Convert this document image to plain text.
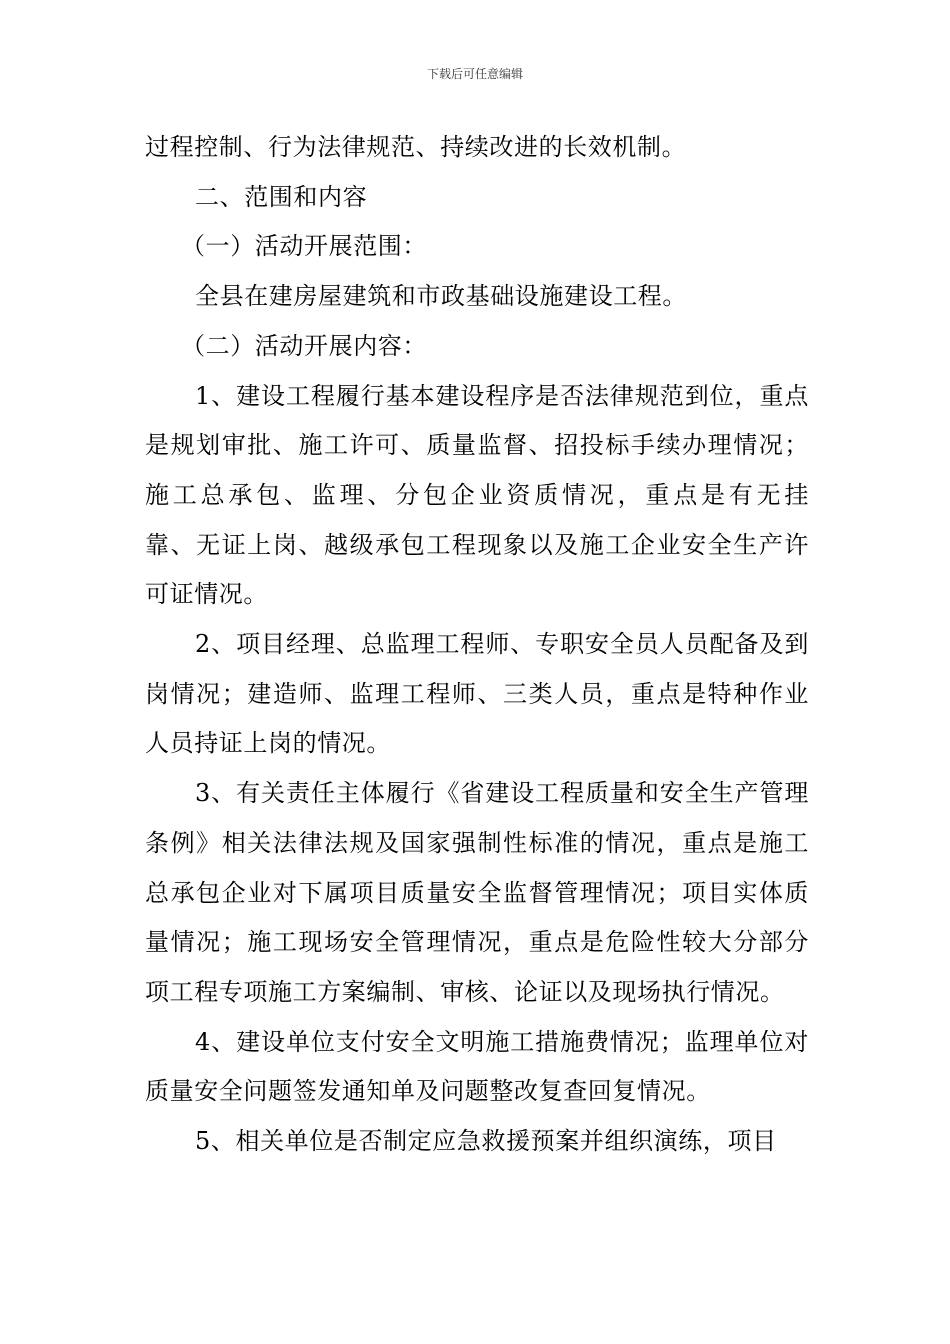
下载后可任意编辑

过程控制、行为法律规范、持续改进的长效机制。

二、范围和内容

（一）活动开展范围：

全县在建房屋建筑和市政基础设施建设工程。

（二）活动开展内容：

1、建设工程履行基本建设程序是否法律规范到位，重点是规划审批、施工许可、质量监督、招投标手续办理情况；施工总承包、监理、分包企业资质情况，重点是有无挂　靠、无证上岗、越级承包工程现象以及施工企业安全生产许可证情况。

2、项目经理、总监理工程师、专职安全员人员配备及到岗情况；建造师、监理工程师、三类人员，重点是特种作业人员持证上岗的情况。

3、有关责任主体履行《省建设工程质量和安全生产管理条例》相关法律法规及国家强制性标准的情况，重点是施工总承包企业对下属项目质量安全监督管理情况；项目实体质量情况；施工现场安全管理情况，重点是危险性较大分部分项工程专项施工方案编制、审核、论证以及现场执行情况。

4、建设单位支付安全文明施工措施费情况；监理单位对质量安全问题签发通知单及问题整改复查回复情况。

5、相关单位是否制定应急救援预案并组织演练，项目
